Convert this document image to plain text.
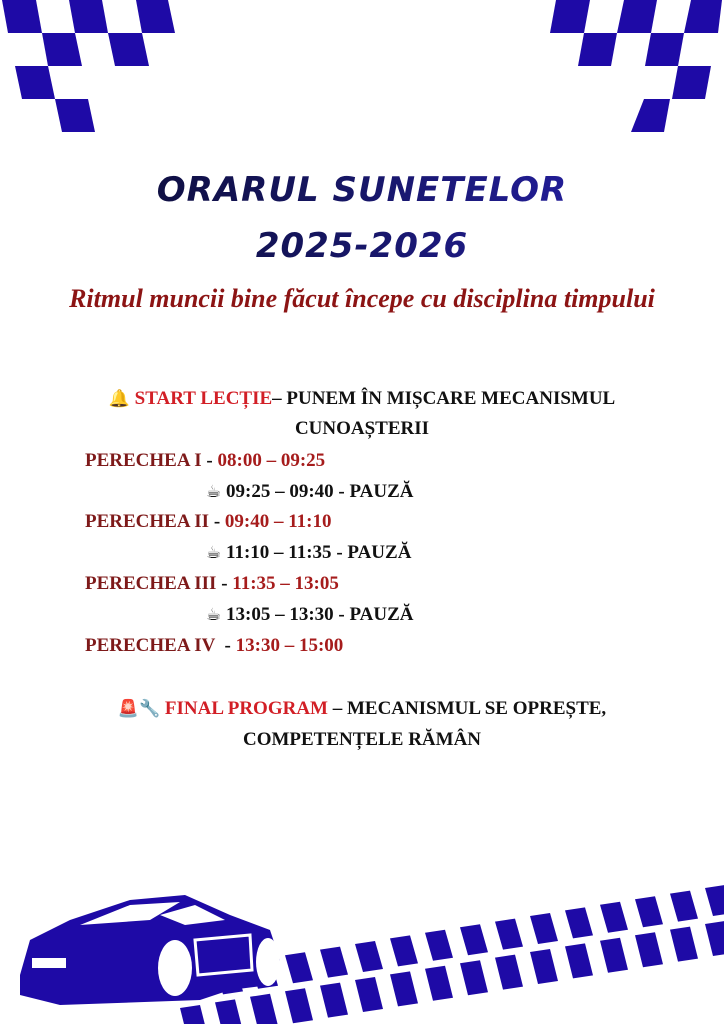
ORARUL SUNETELOR
2025-2026
Ritmul muncii bine făcut începe cu disciplina timpului
🔔 START LECȚIE– PUNEM ÎN MIȘCARE MECANISMUL
CUNOAȘTERII
PERECHEA I - 08:00 – 09:25
☕ 09:25 – 09:40 - PAUZĂ
PERECHEA II - 09:40 – 11:10
☕ 11:10 – 11:35 - PAUZĂ
PERECHEA III - 11:35 – 13:05
☕ 13:05 – 13:30 - PAUZĂ
PERECHEA IV  - 13:30 – 15:00
🚨🔧 FINAL PROGRAM – MECANISMUL SE OPREȘTE,
COMPETENȚELE RĂMÂN
